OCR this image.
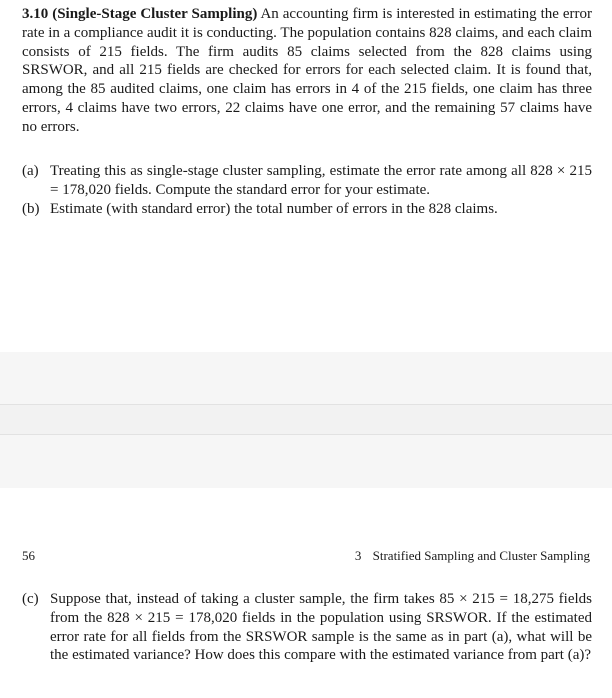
3.10 (Single-Stage Cluster Sampling) An accounting firm is interested in estimating the error rate in a compliance audit it is conducting. The population contains 828 claims, and each claim consists of 215 fields. The firm audits 85 claims selected from the 828 claims using SRSWOR, and all 215 fields are checked for errors for each selected claim. It is found that, among the 85 audited claims, one claim has errors in 4 of the 215 fields, one claim has three errors, 4 claims have two errors, 22 claims have one error, and the remaining 57 claims have no errors.
(a) Treating this as single-stage cluster sampling, estimate the error rate among all 828 × 215 = 178,020 fields. Compute the standard error for your estimate.
(b) Estimate (with standard error) the total number of errors in the 828 claims.
56	3 Stratified Sampling and Cluster Sampling
(c) Suppose that, instead of taking a cluster sample, the firm takes 85 × 215 = 18,275 fields from the 828 × 215 = 178,020 fields in the population using SRSWOR. If the estimated error rate for all fields from the SRSWOR sample is the same as in part (a), what will be the estimated variance? How does this compare with the estimated variance from part (a)?
